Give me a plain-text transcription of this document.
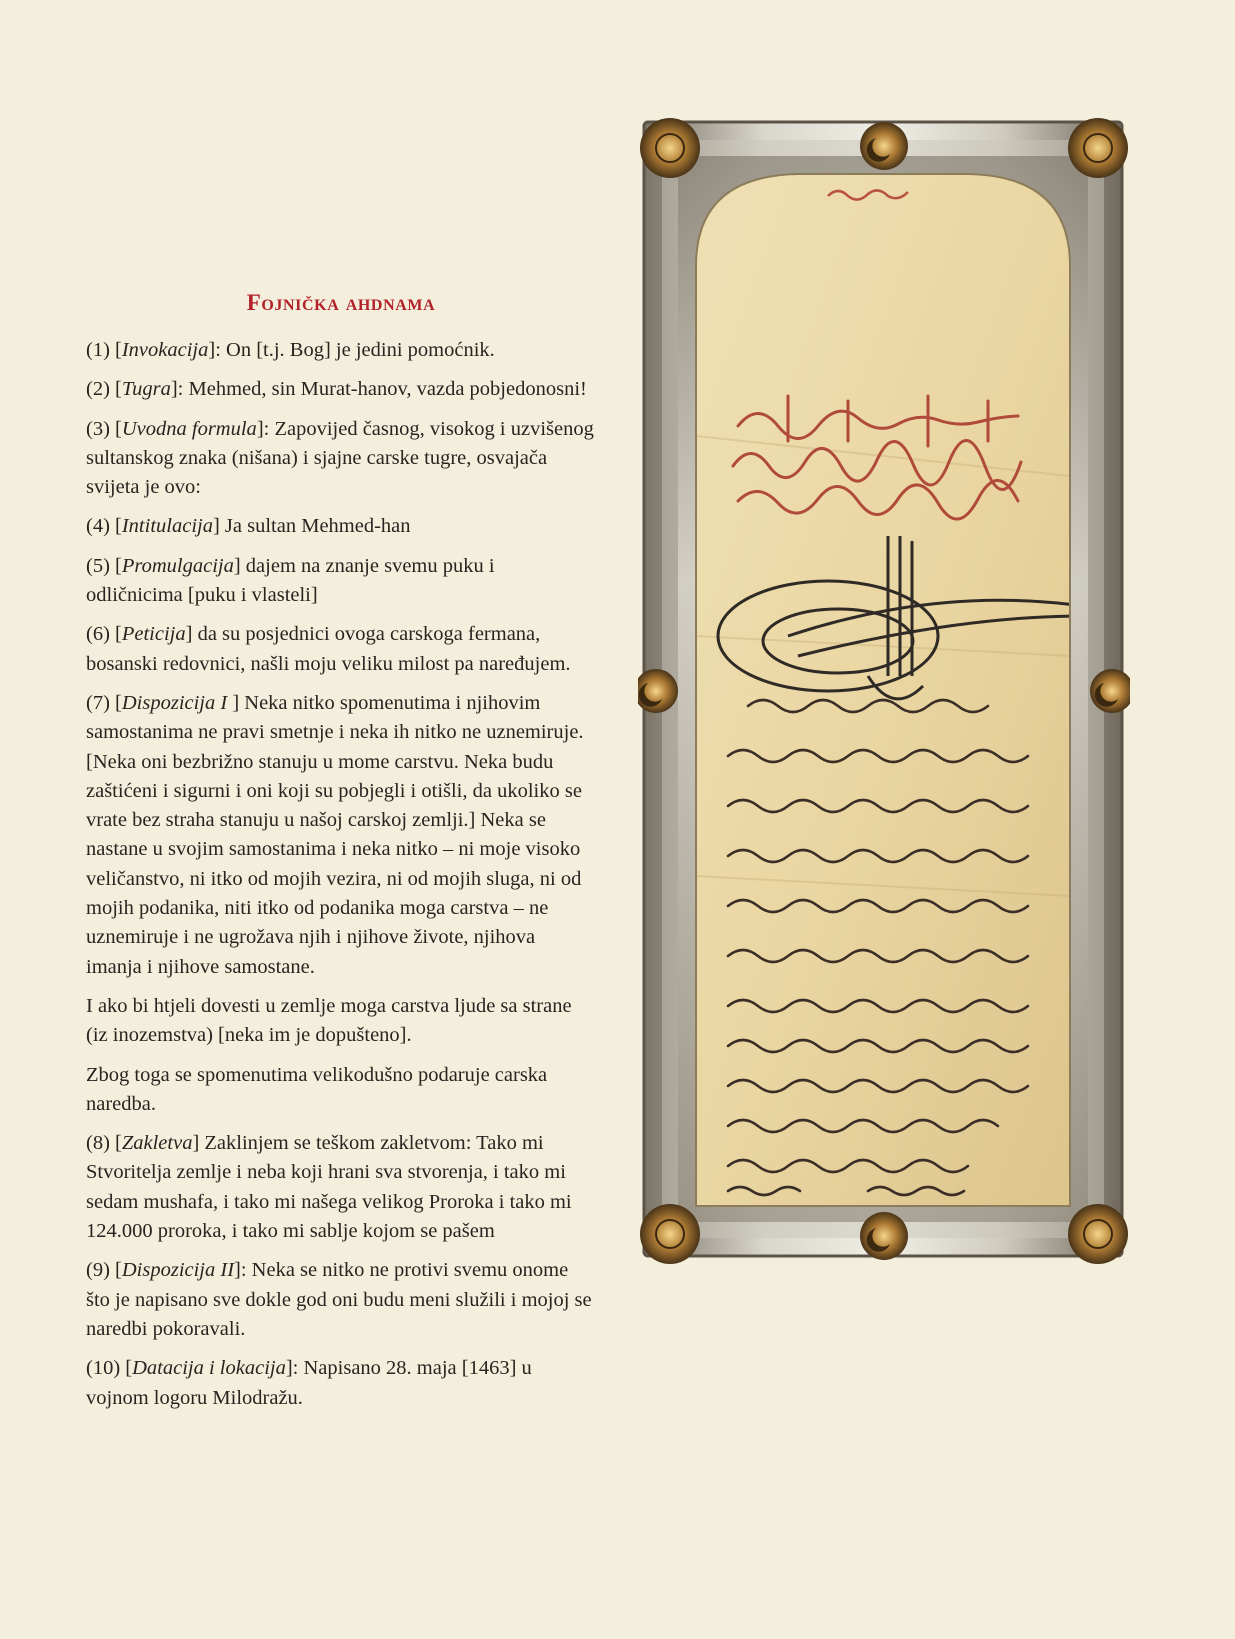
Fojnička ahdnama

(1) [Invokacija]: On [t.j. Bog] je jedini pomoćnik.

(2) [Tugra]: Mehmed, sin Murat-hanov, vazda pobjedonosni!

(3) [Uvodna formula]: Zapovijed časnog, visokog i uzvišenog sultanskog znaka (nišana) i sjajne carske tugre, osvajača svijeta je ovo:

(4) [Intitulacija] Ja sultan Mehmed-han

(5) [Promulgacija] dajem na znanje svemu puku i odličnicima [puku i vlasteli]

(6) [Peticija] da su posjednici ovoga carskoga fermana, bosanski redovnici, našli moju veliku milost pa naređujem.

(7) [Dispozicija I ] Neka nitko spomenutima i njihovim samostanima ne pravi smetnje i neka ih nitko ne uznemiruje. [Neka oni bezbrižno stanuju u mome carstvu. Neka budu zaštićeni i sigurni i oni koji su pobjegli i otišli, da ukoliko se vrate bez straha stanuju u našoj carskoj zemlji.] Neka se nastane u svojim samostanima i neka nitko – ni moje visoko veličanstvo, ni itko od mojih vezira, ni od mojih sluga, ni od mojih podanika, niti itko od podanika moga carstva – ne uznemiruje i ne ugrožava njih i njihove živote, njihova imanja i njihove samostane.

I ako bi htjeli dovesti u zemlje moga carstva ljude sa strane (iz inozemstva) [neka im je dopušteno].

Zbog toga se spomenutima velikodušno podaruje carska naredba.

(8) [Zakletva] Zaklinjem se teškom zakletvom: Tako mi Stvoritelja zemlje i neba koji hrani sva stvorenja, i tako mi sedam mushafa, i tako mi našega velikog Proroka i tako mi 124.000 proroka, i tako mi sablje kojom se pašem

(9) [Dispozicija II]: Neka se nitko ne protivi svemu onome što je napisano sve dokle god oni budu meni služili i mojoj se naredbi pokoravali.

(10) [Datacija i lokacija]: Napisano 28. maja [1463] u vojnom logoru Milodražu.
